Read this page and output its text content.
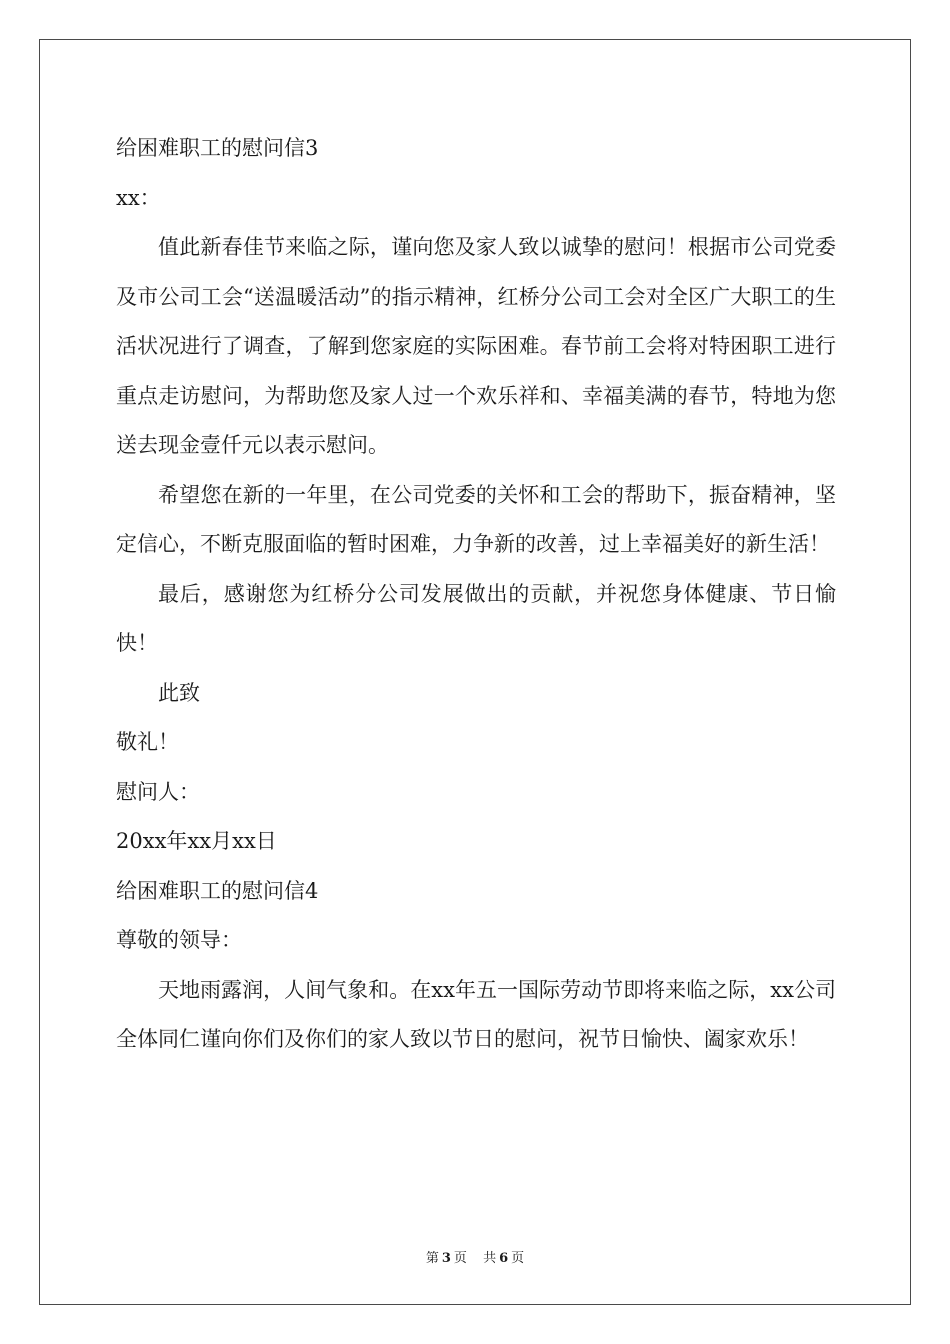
给困难职工的慰问信3

xx：

值此新春佳节来临之际，谨向您及家人致以诚挚的慰问！根据市公司党委及市公司工会“送温暖活动”的指示精神，红桥分公司工会对全区广大职工的生活状况进行了调查，了解到您家庭的实际困难。春节前工会将对特困职工进行重点走访慰问，为帮助您及家人过一个欢乐祥和、幸福美满的春节，特地为您送去现金壹仟元以表示慰问。

希望您在新的一年里，在公司党委的关怀和工会的帮助下，振奋精神，坚定信心，不断克服面临的暂时困难，力争新的改善，过上幸福美好的新生活！

最后，感谢您为红桥分公司发展做出的贡献，并祝您身体健康、节日愉快！

此致

敬礼！

慰问人：

20xx年xx月xx日

给困难职工的慰问信4

尊敬的领导：

天地雨露润，人间气象和。在xx年五一国际劳动节即将来临之际，xx公司全体同仁谨向你们及你们的家人致以节日的慰问，祝节日愉快、阖家欢乐！

第 3 页 共 6 页
